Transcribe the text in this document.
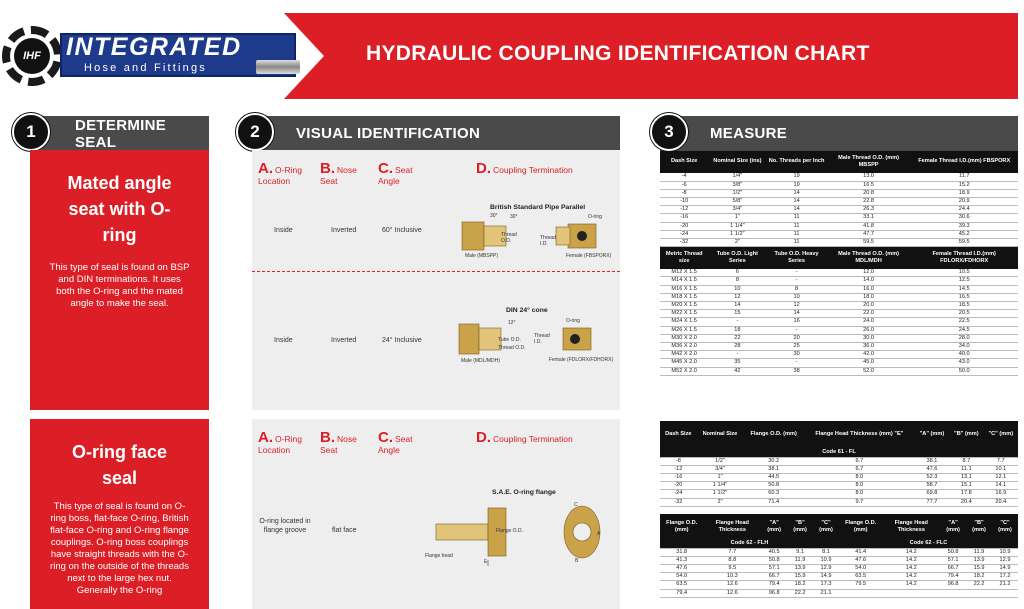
HYDRAULIC COUPLING IDENTIFICATION CHART
IHF	INTEGRATED
Hose and Fittings
DETERMINE SEAL	VISUAL IDENTIFICATION	MEASURE
1	2	3
Mated angle seat with O-ring

This type of seal is found on BSP and DIN terminations. It uses both the O-ring and the mated angle to make the seal.

O-ring face seal

This type of seal is found on O-ring boss, flat-face O-ring, British flat-face O-ring and O-ring flange couplings. O-ring boss couplings have straight threads with the O-ring on the outside of the threads next to the large hex nut. Generally the O-ring

A. O-Ring Location
B. Nose Seat
C. Seat Angle
D. Coupling Termination
Inside	Inverted	60° Inclusive
British Standard Pipe Parallel
30° 30°
Thread O.D.	Thread I.D.
O-ring
Male (MBSPP)	Female (FBSPORX)
Inside	Inverted	24° Inclusive
DIN 24° cone
12°
Tube O.D.
Thread O.D.
Thread I.D.
O-ring
Male (MDL/MDH)	Female (FDLORX/FDHORX)
A. O-Ring Location
B. Nose Seat
C. Seat Angle
D. Coupling Termination
O-ring located in flange groove	flat face
S.A.E. O-ring flange
Flange O.D.
Flange head
C
A
B
E
Dash Size	Nominal Size (ins)	No. Threads per Inch	Male Thread O.D. (mm) MBSPP	Female Thread I.D.(mm) FBSPORX
-4	1/4"	19	13.0	11.7
-6	3/8"	19	16.5	15.2
-8	1/2"	14	20.8	18.9
-10	5/8"	14	22.8	20.9
-12	3/4"	14	26.3	24.4
-16	1"	11	33.1	30.6
-20	1 1/4"	11	41.8	39.3
-24	1 1/2"	11	47.7	45.2
-32	2"	11	59.5	59.5
Metric Thread size	Tube O.D. Light Series	Tube O.D. Heavy Series	Male Thread O.D. (mm) MDL/MDH	Female Thread I.D.(mm) FDLORX/FDHORX
M12 X 1.5	6	-	12.0	10.5
M14 X 1.5	8	-	14.0	12.5
M16 X 1.5	10	8	16.0	14.5
M18 X 1.5	12	10	18.0	16.5
M20 X 1.5	14	12	20.0	18.5
M22 X 1.5	15	14	22.0	20.5
M24 X 1.5	-	16	24.0	22.5
M26 X 1.5	18	-	26.0	24.5
M30 X 2.0	22	20	30.0	28.0
M36 X 2.0	28	25	36.0	34.0
M42 X 2.0	-	30	42.0	40.0
M45 X 2.0	35	-	45.0	43.0
M52 X 2.0	42	38	52.0	50.0
Dash Size	Nominal Size	Flange O.D. (mm)	Flange Head Thickness (mm) "E"	"A" (mm)	"B" (mm)	"C" (mm)
Code 61 - FL						
-8	1/2"	30.2	6.7	38.1	8.7	7.7
-12	3/4"	38.1	6.7	47.6	11.1	10.1
-16	1"	44.5	8.0	52.3	13.1	12.1
-20	1 1/4"	50.8	8.0	58.7	15.1	14.1
-24	1 1/2"	60.3	8.0	69.8	17.8	16.9
-32	2"	71.4	9.7	77.7	20.4	20.4
Flange O.D. (mm)	Flange Head Thickness	"A" (mm)	"B" (mm)	"C" (mm)	Flange O.D. (mm)	Flange Head Thickness	"A" (mm)	"B" (mm)	"C" (mm)
Code 62 - FLH					Code 62 - FLC				
31.8	7.7	40.5	9.1	8.1	41.4	14.2	50.8	11.9	10.9
41.3	8.8	50.8	11.9	10.9	47.6	14.2	57.1	13.9	12.9
47.6	9.5	57.1	13.9	12.9	54.0	14.2	66.7	15.9	14.9
54.0	10.3	66.7	15.9	14.9	63.5	14.2	79.4	18.2	17.2
63.5	12.6	79.4	18.2	17.3	79.5	14.2	96.8	22.2	21.2
79.4	12.6	96.8	22.2	21.1					
